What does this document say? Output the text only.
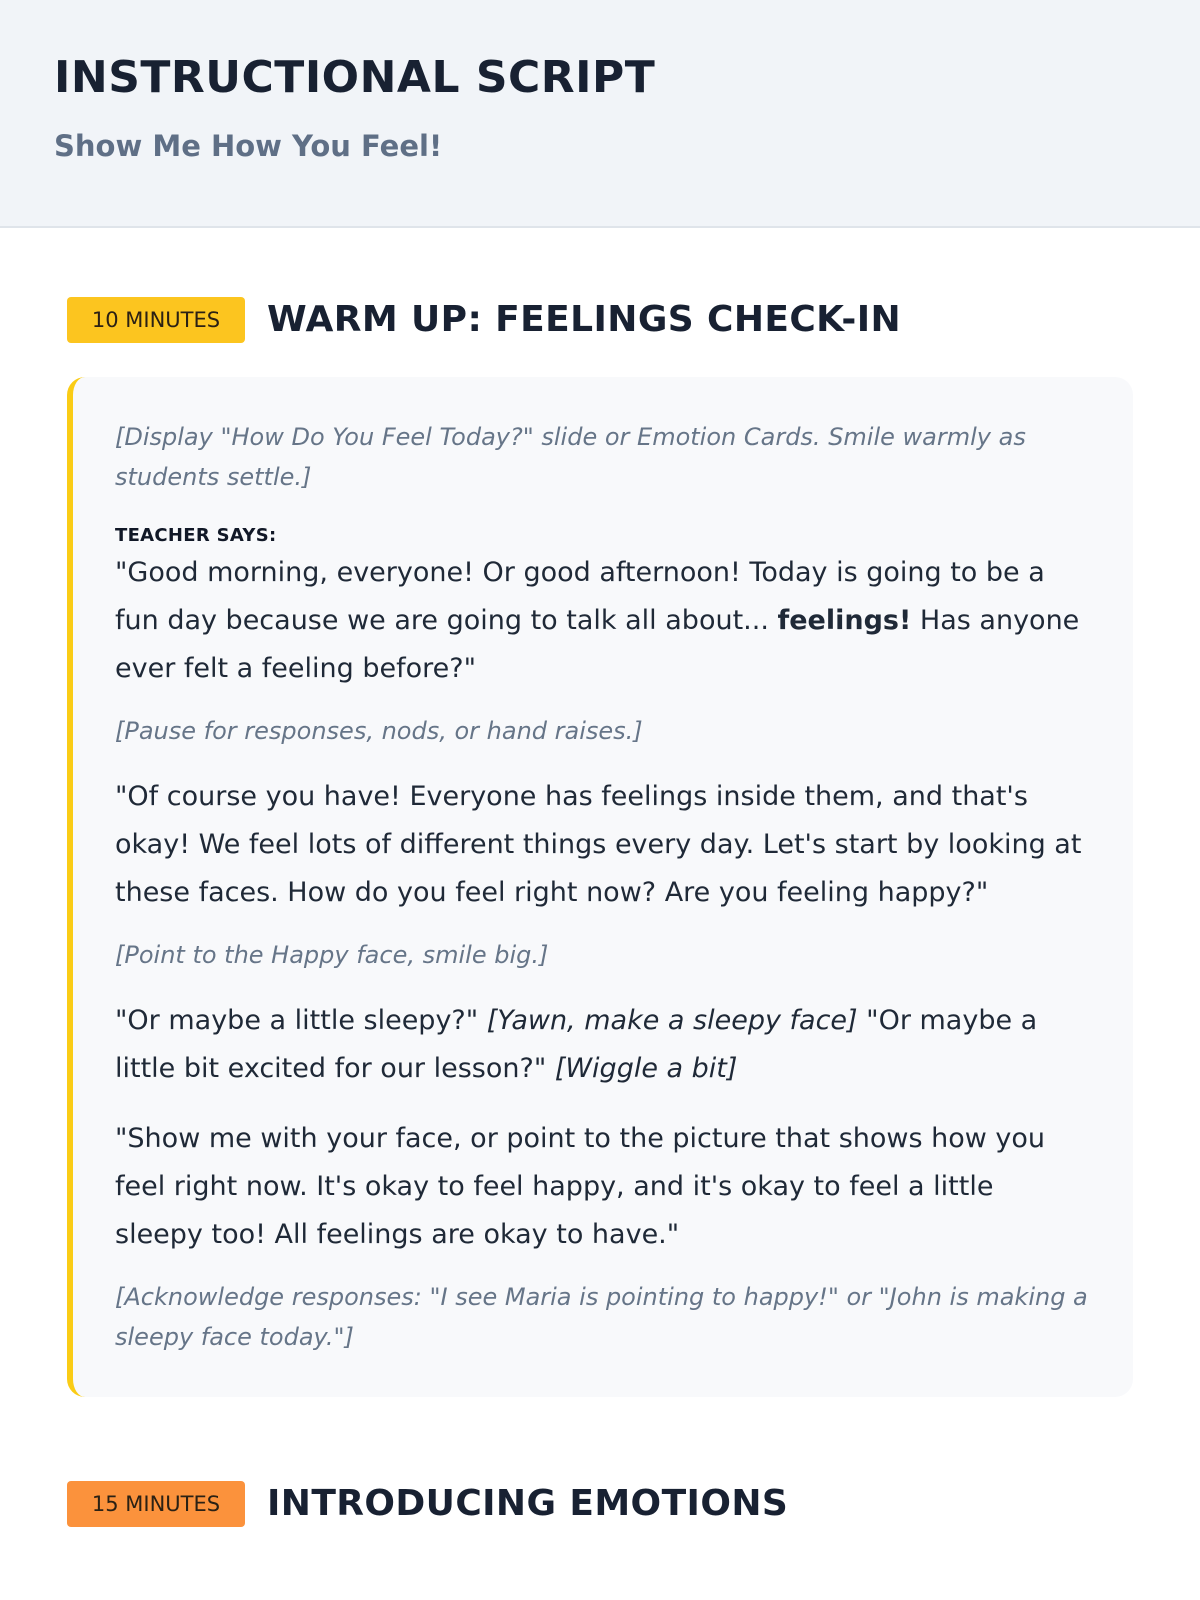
INSTRUCTIONAL SCRIPT
Show Me How You Feel!
10 MINUTES	WARM UP: FEELINGS CHECK-IN

[Display "How Do You Feel Today?" slide or Emotion Cards. Smile warmly as students settle.]

TEACHER SAYS:

"Good morning, everyone! Or good afternoon! Today is going to be a fun day because we are going to talk all about... feelings! Has anyone ever felt a feeling before?"

[Pause for responses, nods, or hand raises.]

"Of course you have! Everyone has feelings inside them, and that's okay! We feel lots of different things every day. Let's start by looking at these faces. How do you feel right now? Are you feeling happy?"

[Point to the Happy face, smile big.]

"Or maybe a little sleepy?" [Yawn, make a sleepy face] "Or maybe a little bit excited for our lesson?" [Wiggle a bit]

"Show me with your face, or point to the picture that shows how you feel right now. It's okay to feel happy, and it's okay to feel a little sleepy too! All feelings are okay to have."

[Acknowledge responses: "I see Maria is pointing to happy!" or "John is making a sleepy face today."]

15 MINUTES	INTRODUCING EMOTIONS
